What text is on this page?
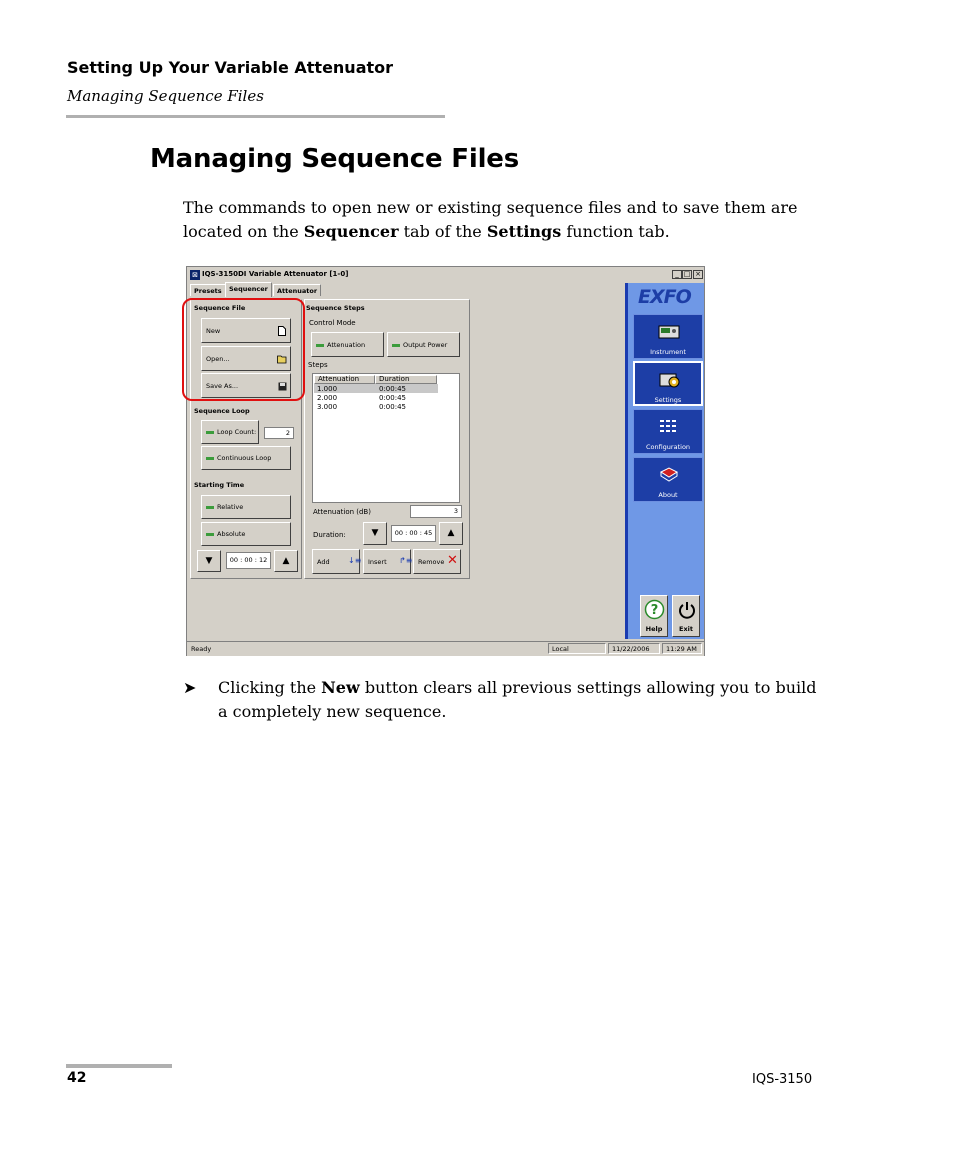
Setting Up Your Variable Attenuator
Managing Sequence Files
Managing Sequence Files
The commands to open new or existing sequence files and to save them are located on the Sequencer tab of the Settings function tab.
⊠ IQS-3150DI Variable Attenuator [1-0]	_ □ ×
Presets	Sequencer	Attenuator
Sequence File
New
Open...
Save As...
Sequence Loop
Loop Count:	2
Continuous Loop
Starting Time
Relative
Absolute
▼	00 : 00 : 12	▲
Sequence Steps
Control Mode
Attenuation	Output Power
Steps
Attenuation	Duration
1.000	0:00:45
2.000	0:00:45
3.000	0:00:45
Attenuation (dB)	3
Duration:	▼	00 : 00 : 45	▲
Add ↓≡ Insert ↱≡ Remove ✕
EXFO
Instrument
Settings
Configuration
About
?
Help	Exit
Ready	Local	11/22/2006	11:29 AM
➤ Clicking the New button clears all previous settings allowing you to build a completely new sequence.
42	IQS-3150
